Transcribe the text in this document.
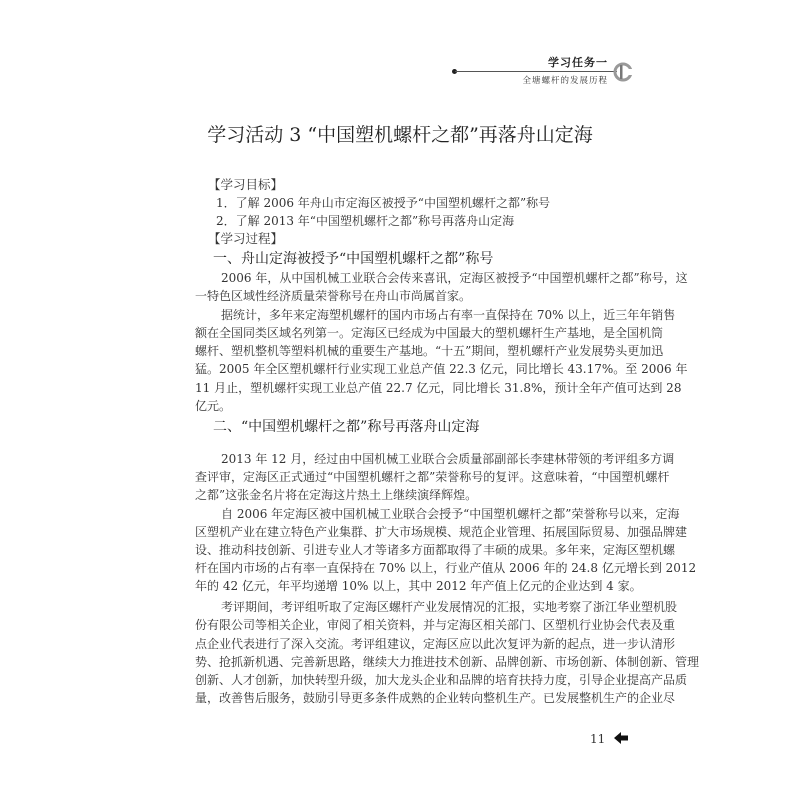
学习任务一
全塘螺杆的发展历程
学习活动 3 “中国塑机螺杆之都”再落舟山定海
【学习目标】
1．了解 2006 年舟山市定海区被授予“中国塑机螺杆之都”称号
2．了解 2013 年“中国塑机螺杆之都”称号再落舟山定海
【学习过程】
一、舟山定海被授予“中国塑机螺杆之都”称号
2006 年，从中国机械工业联合会传来喜讯，定海区被授予“中国塑机螺杆之都”称号，这
一特色区域性经济质量荣誉称号在舟山市尚属首家。
据统计，多年来定海塑机螺杆的国内市场占有率一直保持在 70% 以上，近三年年销售
额在全国同类区域名列第一。定海区已经成为中国最大的塑机螺杆生产基地，是全国机筒
螺杆、塑机整机等塑料机械的重要生产基地。“十五”期间，塑机螺杆产业发展势头更加迅
猛。2005 年全区塑机螺杆行业实现工业总产值 22.3 亿元，同比增长 43.17%。至 2006 年
11 月止，塑机螺杆实现工业总产值 22.7 亿元，同比增长 31.8%，预计全年产值可达到 28
亿元。
二、“中国塑机螺杆之都”称号再落舟山定海
2013 年 12 月，经过由中国机械工业联合会质量部副部长李建林带领的考评组多方调
查评审，定海区正式通过“中国塑机螺杆之都”荣誉称号的复评。这意味着，“中国塑机螺杆
之都”这张金名片将在定海这片热土上继续演绎辉煌。
自 2006 年定海区被中国机械工业联合会授予“中国塑机螺杆之都”荣誉称号以来，定海
区塑机产业在建立特色产业集群、扩大市场规模、规范企业管理、拓展国际贸易、加强品牌建
设、推动科技创新、引进专业人才等诸多方面都取得了丰硕的成果。多年来，定海区塑机螺
杆在国内市场的占有率一直保持在 70% 以上，行业产值从 2006 年的 24.8 亿元增长到 2012
年的 42 亿元，年平均递增 10% 以上，其中 2012 年产值上亿元的企业达到 4 家。
考评期间，考评组听取了定海区螺杆产业发展情况的汇报，实地考察了浙江华业塑机股
份有限公司等相关企业，审阅了相关资料，并与定海区相关部门、区塑机行业协会代表及重
点企业代表进行了深入交流。考评组建议，定海区应以此次复评为新的起点，进一步认清形
势、抢抓新机遇、完善新思路，继续大力推进技术创新、品牌创新、市场创新、体制创新、管理
创新、人才创新，加快转型升级，加大龙头企业和品牌的培育扶持力度，引导企业提高产品质
量，改善售后服务，鼓励引导更多条件成熟的企业转向整机生产。已发展整机生产的企业尽
11
